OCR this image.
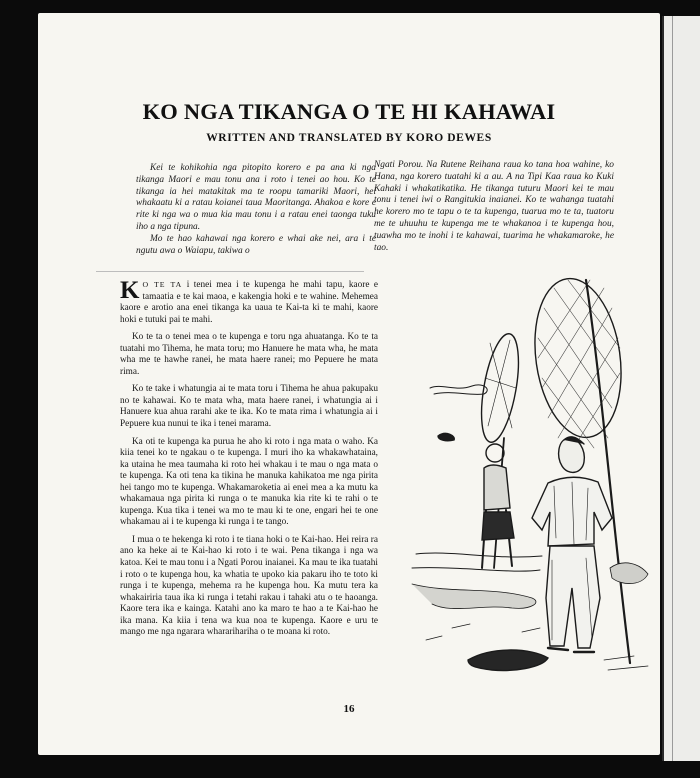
KO NGA TIKANGA O TE HI KAHAWAI
WRITTEN AND TRANSLATED BY KORO DEWES

Kei te kohikohia nga pitopito korero e pa ana ki nga tikanga Maori e mau tonu ana i roto i tenei ao hou. Ko te tikanga ia hei matakitak ma te roopu tamariki Maori, hei whakaatu ki a ratau koianei taua Maoritanga. Ahakoa e kore e rite ki nga wa o mua kia mau tonu i a ratau enei taonga tuku iho a nga tipuna.

Mo te hao kahawai nga korero e whai ake nei, ara i te ngutu awa o Waiapu, takiwa o

Ngati Porou. Na Rutene Reihana raua ko tana hoa wahine, ko Hana, nga korero tuatahi ki a au. A na Tipi Kaa raua ko Kuki Kahaki i whakatikatika. He tikanga tuturu Maori kei te mau tonu i tenei iwi o Rangitukia inaianei. Ko te wahanga tuatahi he korero mo te tapu o te ta kupenga, tuarua mo te ta, tuatoru me te uhuuhu te kupenga me te whakanoa i te kupenga hou, tuawha mo te inohi i te kahawai, tuarima he whakamaroke, he tao.

K O TE TA i tenei mea i te kupenga he mahi tapu, kaore e tamaatia e te kai maoa, e kakengia hoki e te wahine. Mehemea kaore e arotio ana enei tikanga ka uaua te Kai-ta ki te mahi, kaore hoki e tutuki pai te mahi.

Ko te ta o tenei mea o te kupenga e toru nga ahuatanga. Ko te ta tuatahi mo Tihema, he mata toru; mo Hanuere he mata wha, he mata wha me te hawhe ranei, he mata haere ranei; mo Pepuere he mata rima.

Ko te take i whatungia ai te mata toru i Tihema he ahua pakupaku no te kahawai. Ko te mata wha, mata haere ranei, i whatungia ai i Hanuere kua ahua rarahi ake te ika. Ko te mata rima i whatungia ai i Pepuere kua nunui te ika i tenei marama.

Ka oti te kupenga ka purua he aho ki roto i nga mata o waho. Ka kiia tenei ko te ngakau o te kupenga. I muri iho ka whakawhatainа, ka utaina he mea taumaha ki roto hei whakau i te mau o nga mata o te kupenga. Ka oti tena ka tikina he manuka kahikatoa me nga pirita hei tango mo te kupenga. Whakamaroketia ai enei mea a ka mutu ka whakamaua nga pirita ki runga o te manuka kia rite ki te rahi o te kupenga. Kua tika i tenei wa mo te mau ki te one, engari hei te one whakamau ai i te kupenga ki runga i te tango.

I mua o te hekenga ki roto i te tiana hoki o te Kai-hao. Hei reira ra ano ka heke ai te Kai-hao ki roto i te wai. Pena tikanga i nga wa katoa. Kei te mau tonu i a Ngati Porou inaianei. Ka mau te ika tuatahi i roto o te kupenga hou, ka whatia te upoko kia pakaru iho te toto ki runga i te kupenga, mehema ra he kupenga hou. Ka mutu tera ka whakairiria taua ika ki runga i tetahi rakau i tahaki atu o te haoanga. Kaore tera ika e kainga. Katahi ano ka maro te hao a te Kai-hao he ika mana. Ka kiia i tena wa kua noa te kupenga. Kaore e uru te mango me nga ngarara wharariharihа o te moana ki roto.

16
